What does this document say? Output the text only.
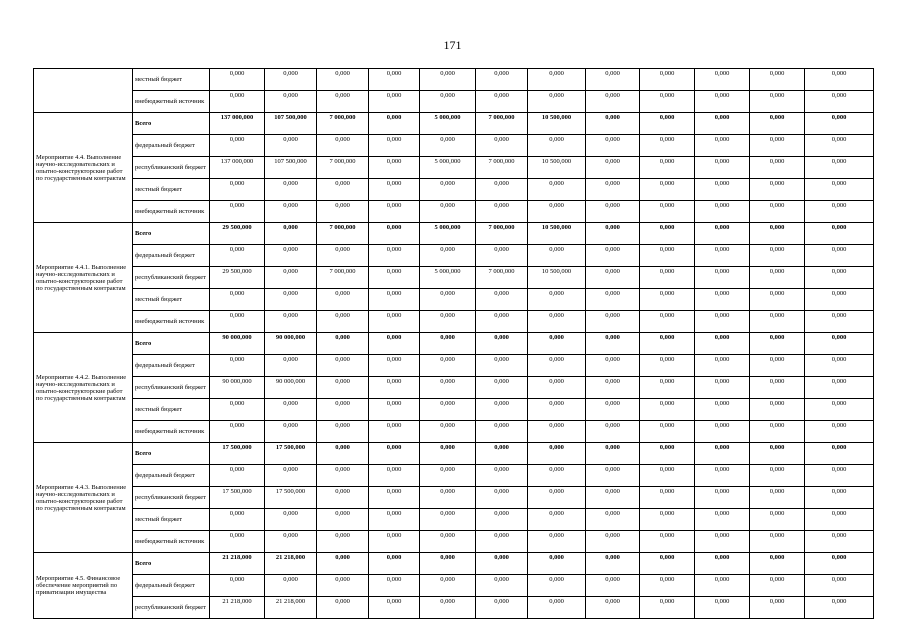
171
	местный бюджет	0,000	0,000	0,000	0,000	0,000	0,000	0,000	0,000	0,000	0,000	0,000	0,000
	внебюджетный источник	0,000	0,000	0,000	0,000	0,000	0,000	0,000	0,000	0,000	0,000	0,000	0,000
Мероприятие 4.4. Выполнение научно-исследовательских и опытно-конструкторские работ по государственным контрактам	Всего	137 000,000	107 500,000	7 000,000	0,000	5 000,000	7 000,000	10 500,000	0,000	0,000	0,000	0,000	0,000
	федеральный бюджет	0,000	0,000	0,000	0,000	0,000	0,000	0,000	0,000	0,000	0,000	0,000	0,000
	республиканский бюджет	137 000,000	107 500,000	7 000,000	0,000	5 000,000	7 000,000	10 500,000	0,000	0,000	0,000	0,000	0,000
	местный бюджет	0,000	0,000	0,000	0,000	0,000	0,000	0,000	0,000	0,000	0,000	0,000	0,000
	внебюджетный источник	0,000	0,000	0,000	0,000	0,000	0,000	0,000	0,000	0,000	0,000	0,000	0,000
Мероприятие 4.4.1. Выполнение научно-исследовательских и опытно-конструкторские работ по государственным контрактам	Всего	29 500,000	0,000	7 000,000	0,000	5 000,000	7 000,000	10 500,000	0,000	0,000	0,000	0,000	0,000
	федеральный бюджет	0,000	0,000	0,000	0,000	0,000	0,000	0,000	0,000	0,000	0,000	0,000	0,000
	республиканский бюджет	29 500,000	0,000	7 000,000	0,000	5 000,000	7 000,000	10 500,000	0,000	0,000	0,000	0,000	0,000
	местный бюджет	0,000	0,000	0,000	0,000	0,000	0,000	0,000	0,000	0,000	0,000	0,000	0,000
	внебюджетный источник	0,000	0,000	0,000	0,000	0,000	0,000	0,000	0,000	0,000	0,000	0,000	0,000
Мероприятие 4.4.2. Выполнение научно-исследовательских и опытно-конструкторские работ по государственным контрактам	Всего	90 000,000	90 000,000	0,000	0,000	0,000	0,000	0,000	0,000	0,000	0,000	0,000	0,000
	федеральный бюджет	0,000	0,000	0,000	0,000	0,000	0,000	0,000	0,000	0,000	0,000	0,000	0,000
	республиканский бюджет	90 000,000	90 000,000	0,000	0,000	0,000	0,000	0,000	0,000	0,000	0,000	0,000	0,000
	местный бюджет	0,000	0,000	0,000	0,000	0,000	0,000	0,000	0,000	0,000	0,000	0,000	0,000
	внебюджетный источник	0,000	0,000	0,000	0,000	0,000	0,000	0,000	0,000	0,000	0,000	0,000	0,000
Мероприятие 4.4.3. Выполнение научно-исследовательских и опытно-конструкторские работ по государственным контрактам	Всего	17 500,000	17 500,000	0,000	0,000	0,000	0,000	0,000	0,000	0,000	0,000	0,000	0,000
	федеральный бюджет	0,000	0,000	0,000	0,000	0,000	0,000	0,000	0,000	0,000	0,000	0,000	0,000
	республиканский бюджет	17 500,000	17 500,000	0,000	0,000	0,000	0,000	0,000	0,000	0,000	0,000	0,000	0,000
	местный бюджет	0,000	0,000	0,000	0,000	0,000	0,000	0,000	0,000	0,000	0,000	0,000	0,000
	внебюджетный источник	0,000	0,000	0,000	0,000	0,000	0,000	0,000	0,000	0,000	0,000	0,000	0,000
Мероприятие 4.5. Финансовое обеспечение мероприятий по приватизации имущества	Всего	21 218,000	21 218,000	0,000	0,000	0,000	0,000	0,000	0,000	0,000	0,000	0,000	0,000
	федеральный бюджет	0,000	0,000	0,000	0,000	0,000	0,000	0,000	0,000	0,000	0,000	0,000	0,000
	республиканский бюджет	21 218,000	21 218,000	0,000	0,000	0,000	0,000	0,000	0,000	0,000	0,000	0,000	0,000
